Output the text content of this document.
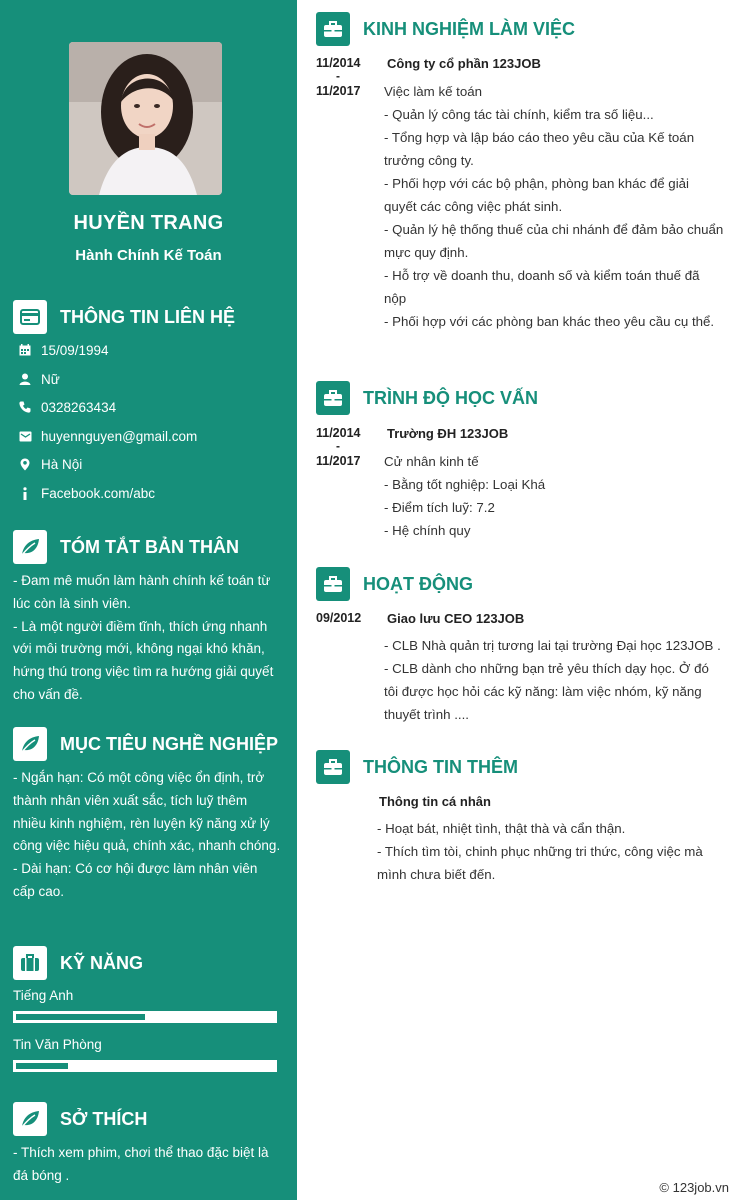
HUYỀN TRANG
Hành Chính Kế Toán
THÔNG TIN LIÊN HỆ
15/09/1994
Nữ
0328263434
huyennguyen@gmail.com
Hà Nội
Facebook.com/abc
TÓM TẮT BẢN THÂN

- Đam mê muốn làm hành chính kế toán từ lúc còn là sinh viên.

- Là một người điềm tĩnh, thích ứng nhanh với môi trường mới, không ngại khó khăn, hứng thú trong việc tìm ra hướng giải quyết cho vấn đề.

MỤC TIÊU NGHỀ NGHIỆP

- Ngắn hạn: Có một công việc ổn định, trở thành nhân viên xuất sắc, tích luỹ thêm nhiều kinh nghiệm, rèn luyện kỹ năng xử lý công việc hiệu quả, chính xác, nhanh chóng.

- Dài hạn: Có cơ hội được làm nhân viên cấp cao.

KỸ NĂNG
Tiếng Anh
Tin Văn Phòng
SỞ THÍCH
- Thích xem phim, chơi thể thao đặc biệt là đá bóng .
KINH NGHIỆM LÀM VIỆC
11/2014
-
11/2017
Công ty cổ phần 123JOB

Việc làm kế toán

- Quản lý công tác tài chính, kiểm tra số liệu...

- Tổng hợp và lập báo cáo theo yêu cầu của Kế toán trưởng công ty.

- Phối hợp với các bộ phận, phòng ban khác để giải quyết các công việc phát sinh.

- Quản lý hệ thống thuế của chi nhánh để đảm bảo chuẩn mực quy định.

- Hỗ trợ về doanh thu, doanh số và kiểm toán thuế đã nộp

- Phối hợp với các phòng ban khác theo yêu cầu cụ thể.

TRÌNH ĐỘ HỌC VẤN
11/2014
-
11/2017
Trường ĐH 123JOB

Cử nhân kinh tế

- Bằng tốt nghiệp: Loại Khá

- Điểm tích luỹ: 7.2

- Hệ chính quy

HOẠT ĐỘNG
09/2012	Giao lưu CEO 123JOB

- CLB Nhà quản trị tương lai tại trường Đại học 123JOB .

- CLB dành cho những bạn trẻ yêu thích dạy học. Ở đó tôi được học hỏi các kỹ năng: làm việc nhóm, kỹ năng thuyết trình ....

THÔNG TIN THÊM
Thông tin cá nhân

- Hoạt bát, nhiệt tình, thật thà và cẩn thận.

- Thích tìm tòi, chinh phục những tri thức, công việc mà mình chưa biết đến.

© 123job.vn
